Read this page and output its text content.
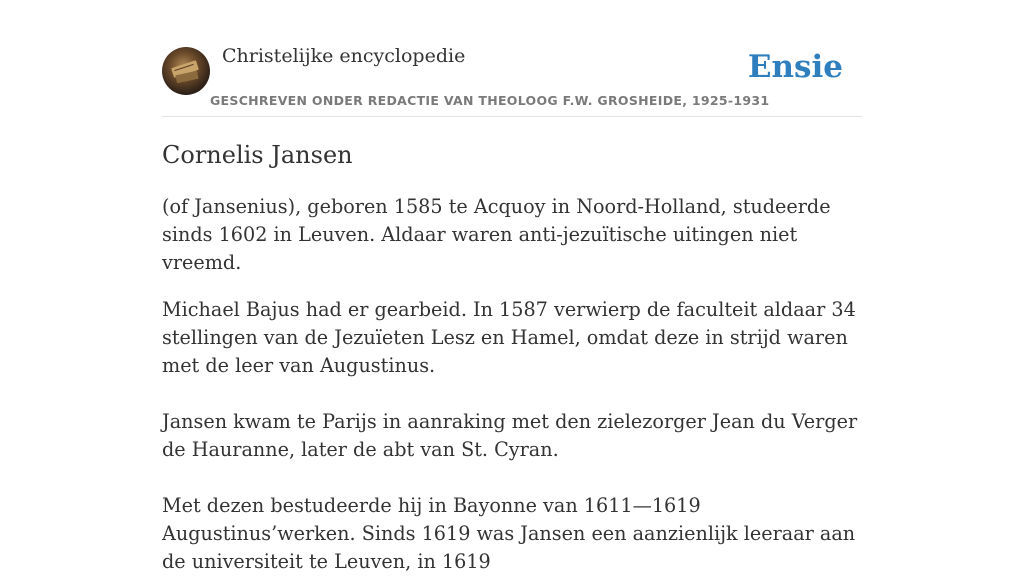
Christelijke encyclopedie
GESCHREVEN ONDER REDACTIE VAN THEOLOOG F.W. GROSHEIDE, 1925-1931
Ensie
Cornelis Jansen

(of Jansenius), geboren 1585 te Acquoy in Noord-Holland, studeerde sinds 1602 in Leuven. Aldaar waren anti-jezuïtische uitingen niet vreemd.

Michael Bajus had er gearbeid. In 1587 verwierp de faculteit aldaar 34 stellingen van de Jezuïeten Lesz en Hamel, omdat deze in strijd waren met de leer van Augustinus.

Jansen kwam te Parijs in aanraking met den zielezorger Jean du Verger de Hauranne, later de abt van St. Cyran.

Met dezen bestudeerde hij in Bayonne van 1611—1619 Augustinus’werken. Sinds 1619 was Jansen een aanzienlijk leeraar aan de universiteit te Leuven, in 1619
